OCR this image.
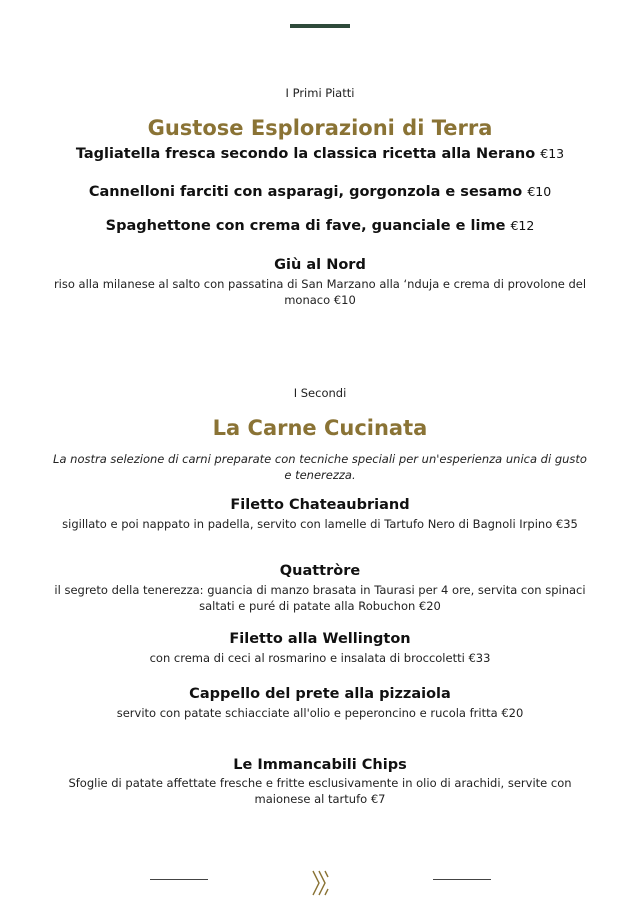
I Primi Piatti
Gustose Esplorazioni di Terra
Tagliatella fresca secondo la classica ricetta alla Nerano €13
Cannelloni farciti con asparagi, gorgonzola e sesamo €10
Spaghettone con crema di fave, guanciale e lime €12
Giù al Nord
riso alla milanese al salto con passatina di San Marzano alla ‘nduja e crema di provolone del monaco €10
I Secondi
La Carne Cucinata
La nostra selezione di carni preparate con tecniche speciali per un'esperienza unica di gusto e tenerezza.
Filetto Chateaubriand
sigillato e poi nappato in padella, servito con lamelle di Tartufo Nero di Bagnoli Irpino €35
Quattròre
il segreto della tenerezza: guancia di manzo brasata in Taurasi per 4 ore, servita con spinaci saltati e puré di patate alla Robuchon €20
Filetto alla Wellington
con crema di ceci al rosmarino e insalata di broccoletti €33
Cappello del prete alla pizzaiola
servito con patate schiacciate all'olio e peperoncino e rucola fritta €20
Le Immancabili Chips
Sfoglie di patate affettate fresche e fritte esclusivamente in olio di arachidi, servite con maionese al tartufo €7
